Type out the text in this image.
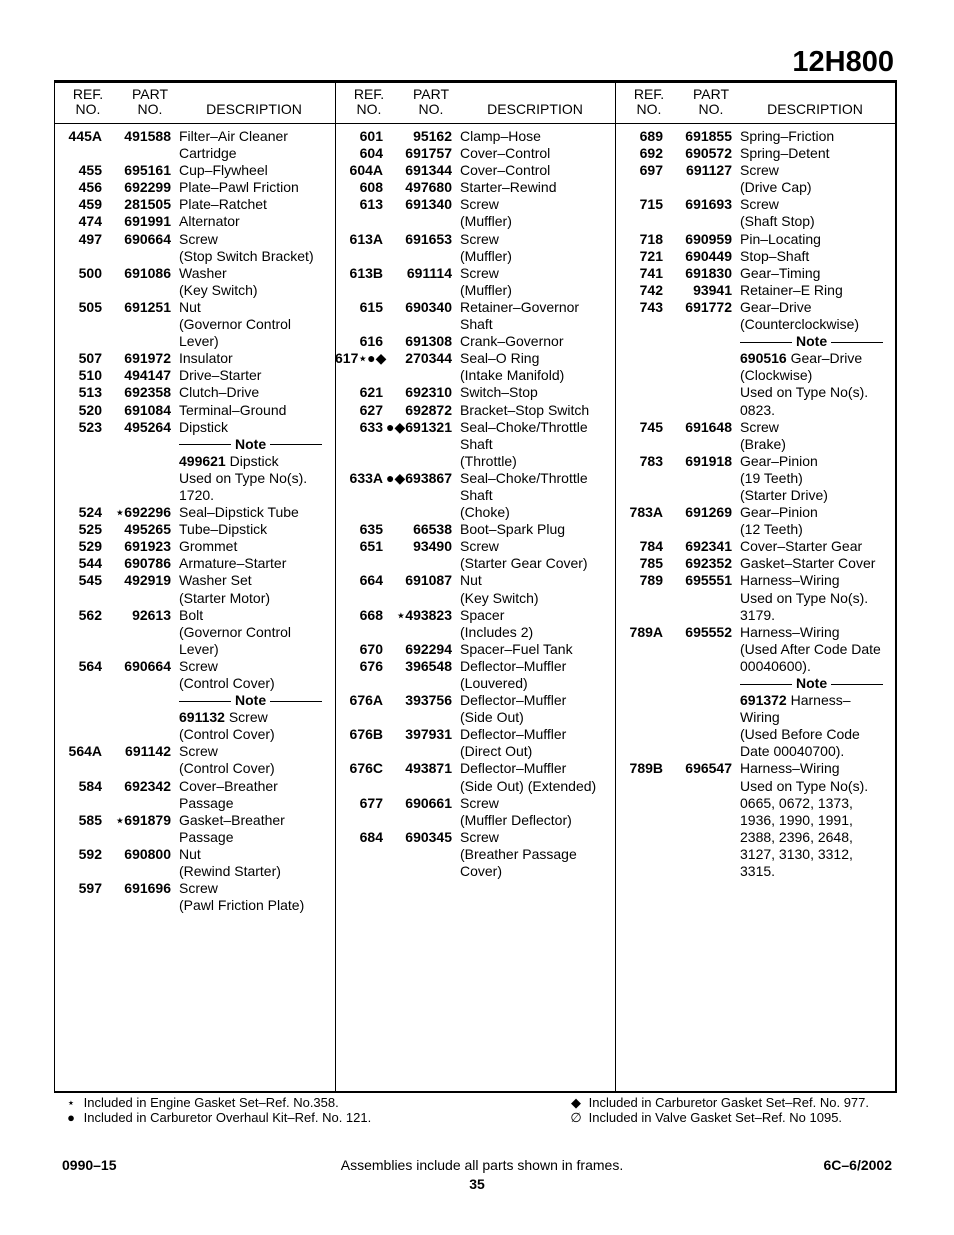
12H800
REF.
NO.
PART
NO.	DESCRIPTION
445A	491588 Filter–Air Cleaner
Cartridge
455	695161 Cup–Flywheel
456	692299 Plate–Pawl Friction
459	281505 Plate–Ratchet
474	691991 Alternator
497	690664 Screw
(Stop Switch Bracket)
500	691086 Washer
(Key Switch)
505	691251 Nut
(Governor Control
Lever)
507	691972 Insulator
510	494147 Drive–Starter
513	692358 Clutch–Drive
520	691084 Terminal–Ground
523	495264 Dipstick
Note
499621 Dipstick
Used on Type No(s).
1720.
524 ⋆692296 Seal–Dipstick Tube
525	495265 Tube–Dipstick
529	691923 Grommet
544	690786 Armature–Starter
545	492919 Washer Set
(Starter Motor)
562	92613 Bolt
(Governor Control
Lever)
564	690664 Screw
(Control Cover)
Note
691132 Screw
(Control Cover)
564A	691142 Screw
(Control Cover)
584	692342 Cover–Breather
Passage
585 ⋆691879 Gasket–Breather
Passage
592	690800 Nut
(Rewind Starter)
597	691696 Screw
(Pawl Friction Plate)
REF.
NO.
PART
NO.	DESCRIPTION
601	95162 Clamp–Hose
604	691757 Cover–Control
604A	691344 Cover–Control
608	497680 Starter–Rewind
613	691340 Screw
(Muffler)
613A	691653 Screw
(Muffler)
613B	691114 Screw
(Muffler)
615	690340 Retainer–Governor
Shaft
616	691308 Crank–Governor
617⋆●◆	270344 Seal–O Ring
(Intake Manifold)
621	692310 Switch–Stop
627	692872 Bracket–Stop Switch
633 ●◆691321 Seal–Choke/Throttle
Shaft
(Throttle)
633A ●◆693867 Seal–Choke/Throttle
Shaft
(Choke)
635	66538 Boot–Spark Plug
651	93490 Screw
(Starter Gear Cover)
664	691087 Nut
(Key Switch)
668 ⋆493823 Spacer
(Includes 2)
670	692294 Spacer–Fuel Tank
676	396548 Deflector–Muffler
(Louvered)
676A	393756 Deflector–Muffler
(Side Out)
676B	397931 Deflector–Muffler
(Direct Out)
676C	493871 Deflector–Muffler
(Side Out) (Extended)
677	690661 Screw
(Muffler Deflector)
684	690345 Screw
(Breather Passage
Cover)
REF.
NO.
PART
NO.	DESCRIPTION
689	691855 Spring–Friction
692	690572 Spring–Detent
697	691127 Screw
(Drive Cap)
715	691693 Screw
(Shaft Stop)
718	690959 Pin–Locating
721	690449 Stop–Shaft
741	691830 Gear–Timing
742	93941 Retainer–E Ring
743	691772 Gear–Drive
(Counterclockwise)
Note
690516 Gear–Drive
(Clockwise)
Used on Type No(s).
0823.
745	691648 Screw
(Brake)
783	691918 Gear–Pinion
(19 Teeth)
(Starter Drive)
783A	691269 Gear–Pinion
(12 Teeth)
784	692341 Cover–Starter Gear
785	692352 Gasket–Starter Cover
789	695551 Harness–Wiring
Used on Type No(s).
3179.
789A	695552 Harness–Wiring
(Used After Code Date
00040600).
Note
691372 Harness–
Wiring
(Used Before Code
Date 00040700).
789B	696547 Harness–Wiring
Used on Type No(s).
0665, 0672, 1373,
1936, 1990, 1991,
2388, 2396, 2648,
3127, 3130, 3312,
3315.
⋆ Included in Engine Gasket Set–Ref. No.358.
● Included in Carburetor Overhaul Kit–Ref. No. 121.
◆ Included in Carburetor Gasket Set–Ref. No. 977.
∅ Included in Valve Gasket Set–Ref. No 1095.
0990–15	Assemblies include all parts shown in frames.
35
6C–6/2002
